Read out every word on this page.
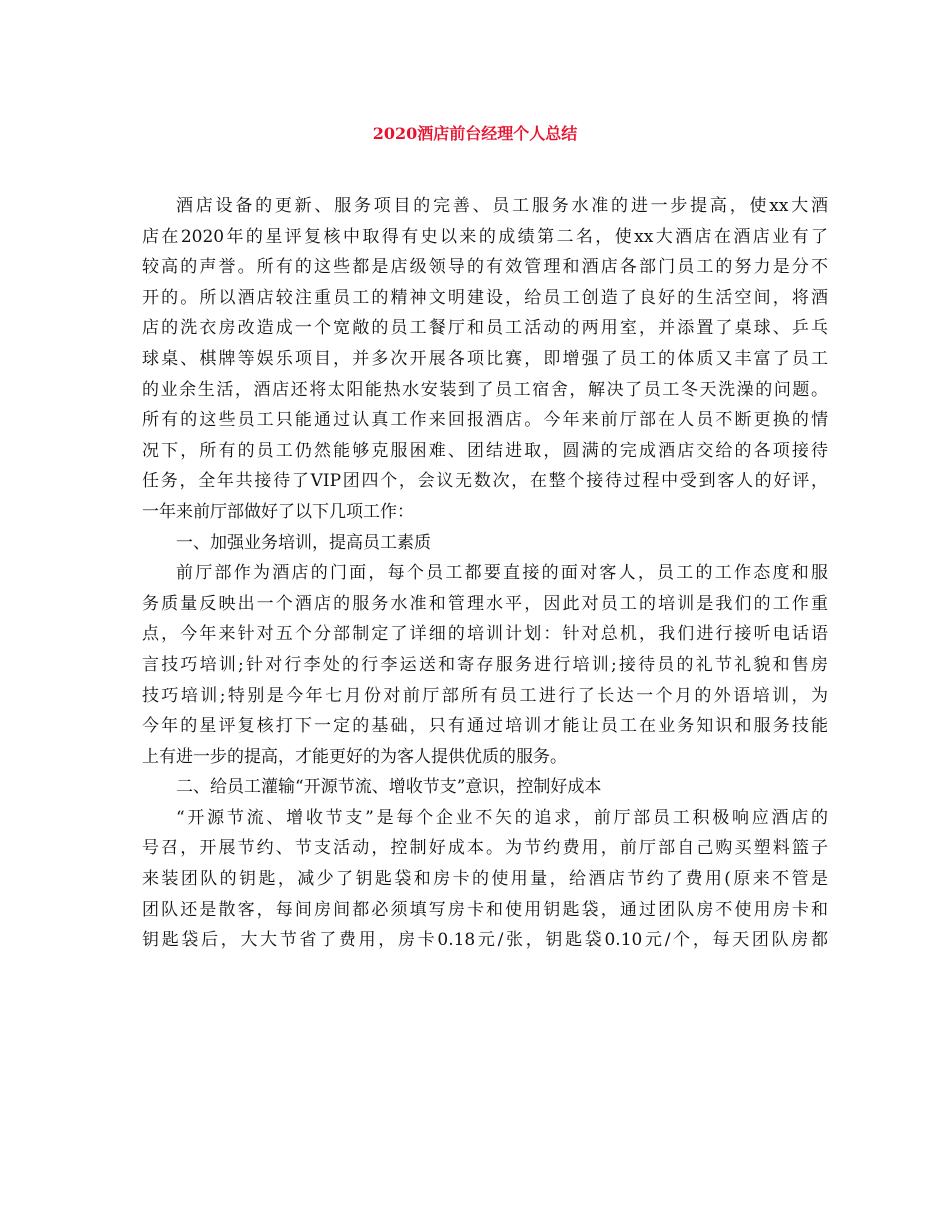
2020酒店前台经理个人总结
酒店设备的更新、服务项目的完善、员工服务水准的进一步提高，使xx大酒
店在2020年的星评复核中取得有史以来的成绩第二名，使xx大酒店在酒店业有了
较高的声誉。所有的这些都是店级领导的有效管理和酒店各部门员工的努力是分不
开的。所以酒店较注重员工的精神文明建设，给员工创造了良好的生活空间，将酒
店的洗衣房改造成一个宽敞的员工餐厅和员工活动的两用室，并添置了桌球、乒乓
球桌、棋牌等娱乐项目，并多次开展各项比赛，即增强了员工的体质又丰富了员工
的业余生活，酒店还将太阳能热水安装到了员工宿舍，解决了员工冬天洗澡的问题。
所有的这些员工只能通过认真工作来回报酒店。今年来前厅部在人员不断更换的情
况下，所有的员工仍然能够克服困难、团结进取，圆满的完成酒店交给的各项接待
任务，全年共接待了VIP团四个，会议无数次，在整个接待过程中受到客人的好评，
一年来前厅部做好了以下几项工作：
一、加强业务培训，提高员工素质
前厅部作为酒店的门面，每个员工都要直接的面对客人，员工的工作态度和服
务质量反映出一个酒店的服务水准和管理水平，因此对员工的培训是我们的工作重
点，今年来针对五个分部制定了详细的培训计划：针对总机，我们进行接听电话语
言技巧培训;针对行李处的行李运送和寄存服务进行培训;接待员的礼节礼貌和售房
技巧培训;特别是今年七月份对前厅部所有员工进行了长达一个月的外语培训，为
今年的星评复核打下一定的基础，只有通过培训才能让员工在业务知识和服务技能
上有进一步的提高，才能更好的为客人提供优质的服务。
二、给员工灌输“开源节流、增收节支”意识，控制好成本
“开源节流、增收节支”是每个企业不矢的追求，前厅部员工积极响应酒店的
号召，开展节约、节支活动，控制好成本。为节约费用，前厅部自己购买塑料篮子
来装团队的钥匙，减少了钥匙袋和房卡的使用量，给酒店节约了费用(原来不管是
团队还是散客，每间房间都必须填写房卡和使用钥匙袋，通过团队房不使用房卡和
钥匙袋后，大大节省了费用，房卡0.18元/张，钥匙袋0.10元/个，每天团队房都
